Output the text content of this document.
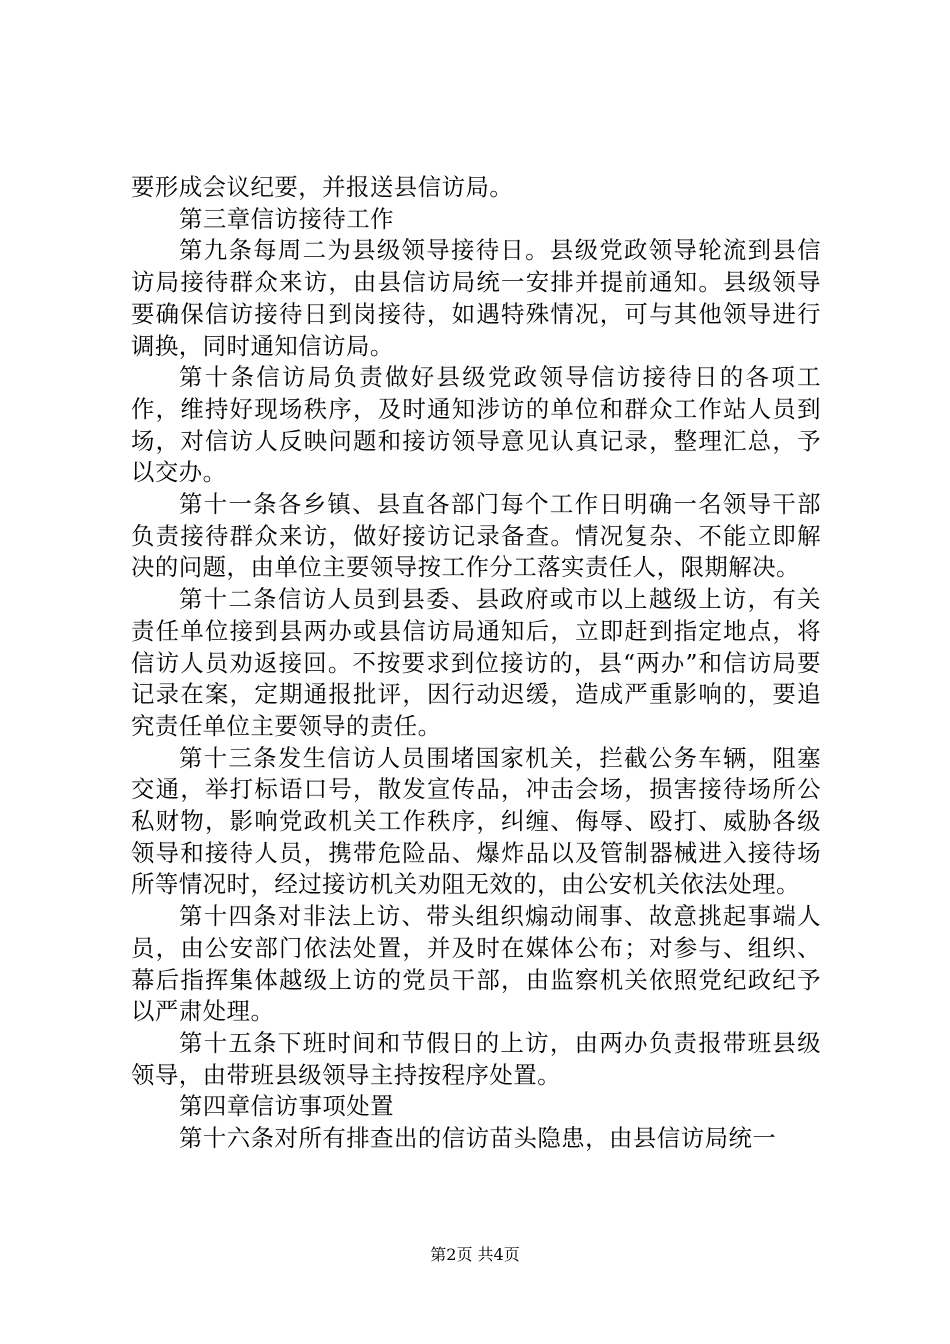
要形成会议纪要，并报送县信访局。

第三章信访接待工作

第九条每周二为县级领导接待日。县级党政领导轮流到县信访局接待群众来访，由县信访局统一安排并提前通知。县级领导要确保信访接待日到岗接待，如遇特殊情况，可与其他领导进行调换，同时通知信访局。

第十条信访局负责做好县级党政领导信访接待日的各项工作，维持好现场秩序，及时通知涉访的单位和群众工作站人员到场，对信访人反映问题和接访领导意见认真记录，整理汇总，予以交办。

第十一条各乡镇、县直各部门每个工作日明确一名领导干部负责接待群众来访，做好接访记录备查。情况复杂、不能立即解决的问题，由单位主要领导按工作分工落实责任人，限期解决。

第十二条信访人员到县委、县政府或市以上越级上访，有关责任单位接到县两办或县信访局通知后，立即赶到指定地点，将信访人员劝返接回。不按要求到位接访的，县“两办”和信访局要记录在案，定期通报批评，因行动迟缓，造成严重影响的，要追究责任单位主要领导的责任。

第十三条发生信访人员围堵国家机关，拦截公务车辆，阻塞交通，举打标语口号，散发宣传品，冲击会场，损害接待场所公私财物，影响党政机关工作秩序，纠缠、侮辱、殴打、威胁各级领导和接待人员，携带危险品、爆炸品以及管制器械进入接待场所等情况时，经过接访机关劝阻无效的，由公安机关依法处理。

第十四条对非法上访、带头组织煽动闹事、故意挑起事端人员，由公安部门依法处置，并及时在媒体公布；对参与、组织、幕后指挥集体越级上访的党员干部，由监察机关依照党纪政纪予以严肃处理。

第十五条下班时间和节假日的上访，由两办负责报带班县级领导，由带班县级领导主持按程序处置。

第四章信访事项处置

第十六条对所有排查出的信访苗头隐患，由县信访局统一

第2页 共4页
